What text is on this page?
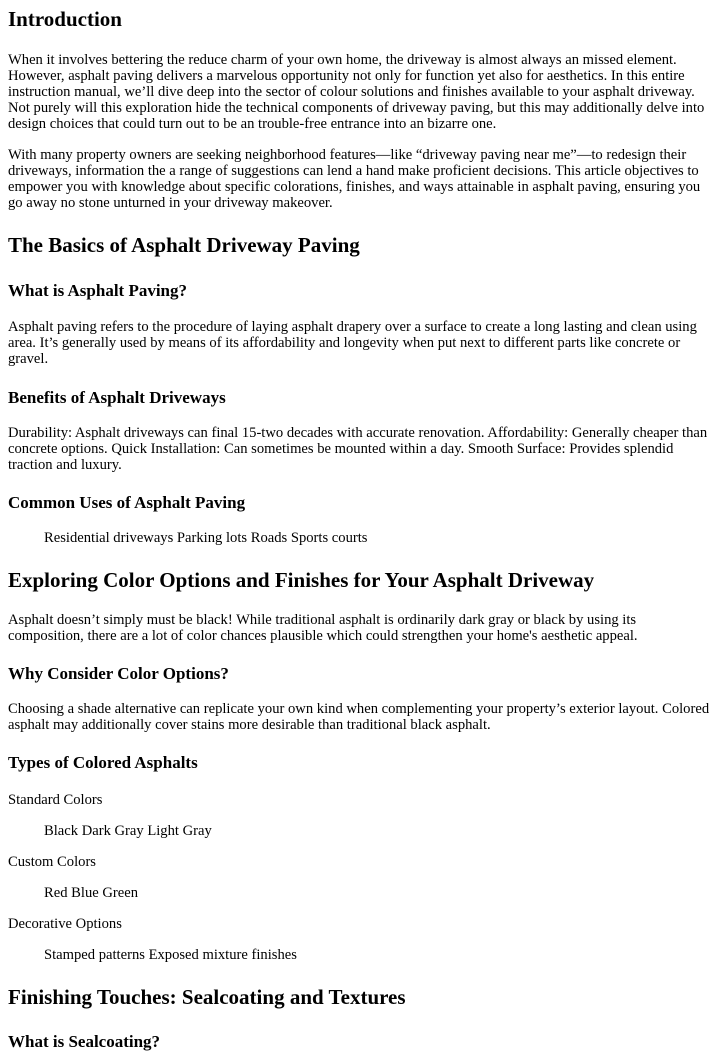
Introduction

When it involves bettering the reduce charm of your own home, the driveway is almost always an missed element. However, asphalt paving delivers a marvelous opportunity not only for function yet also for aesthetics. In this entire instruction manual, we’ll dive deep into the sector of colour solutions and finishes available to your asphalt driveway. Not purely will this exploration hide the technical components of driveway paving, but this may additionally delve into design choices that could turn out to be an trouble-free entrance into an bizarre one.

With many property owners are seeking neighborhood features—like “driveway paving near me”—to redesign their driveways, information the a range of suggestions can lend a hand make proficient decisions. This article objectives to empower you with knowledge about specific colorations, finishes, and ways attainable in asphalt paving, ensuring you go away no stone unturned in your driveway makeover.

The Basics of Asphalt Driveway Paving
What is Asphalt Paving?

Asphalt paving refers to the procedure of laying asphalt drapery over a surface to create a long lasting and clean using area. It’s generally used by means of its affordability and longevity when put next to different parts like concrete or gravel.

Benefits of Asphalt Driveways

Durability: Asphalt driveways can final 15-two decades with accurate renovation. Affordability: Generally cheaper than concrete options. Quick Installation: Can sometimes be mounted within a day. Smooth Surface: Provides splendid traction and luxury.

Common Uses of Asphalt Paving

Residential driveways Parking lots Roads Sports courts

Exploring Color Options and Finishes for Your Asphalt Driveway

Asphalt doesn’t simply must be black! While traditional asphalt is ordinarily dark gray or black by using its composition, there are a lot of color chances plausible which could strengthen your home's aesthetic appeal.

Why Consider Color Options?

Choosing a shade alternative can replicate your own kind when complementing your property’s exterior layout. Colored asphalt may additionally cover stains more desirable than traditional black asphalt.

Types of Colored Asphalts

Standard Colors

Black Dark Gray Light Gray

Custom Colors

Red Blue Green

Decorative Options

Stamped patterns Exposed mixture finishes

Finishing Touches: Sealcoating and Textures
What is Sealcoating?
